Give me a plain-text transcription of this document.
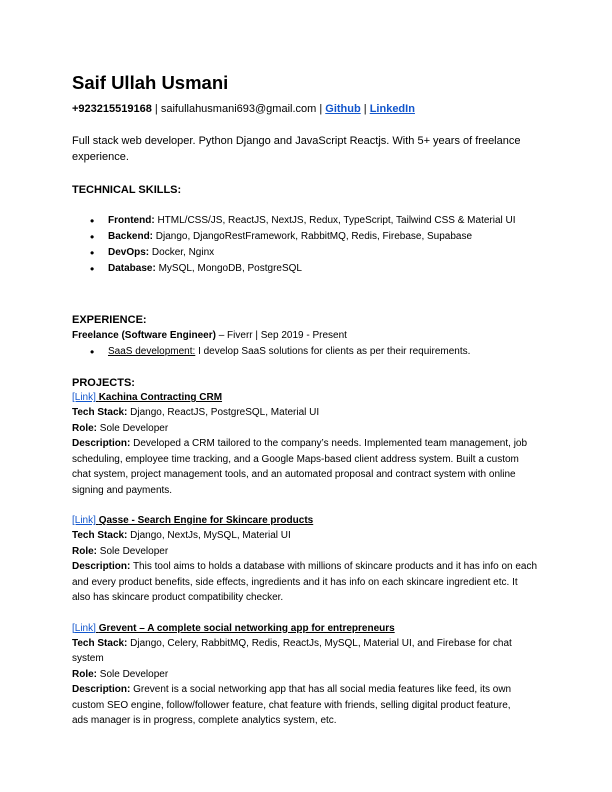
Saif Ullah Usmani
+923215519168 | saifullahusmani693@gmail.com | Github | LinkedIn
Full stack web developer. Python Django and JavaScript Reactjs. With 5+ years of freelance experience.
TECHNICAL SKILLS:
• Frontend: HTML/CSS/JS, ReactJS, NextJS, Redux, TypeScript, Tailwind CSS & Material UI
• Backend: Django, DjangoRestFramework, RabbitMQ, Redis, Firebase, Supabase
• DevOps: Docker, Nginx
• Database: MySQL, MongoDB, PostgreSQL
EXPERIENCE:
Freelance (Software Engineer) – Fiverr | Sep 2019 - Present
• SaaS development: I develop SaaS solutions for clients as per their requirements.
PROJECTS:
[Link] Kachina Contracting CRM
Tech Stack: Django, ReactJS, PostgreSQL, Material UI
Role: Sole Developer
Description: Developed a CRM tailored to the company’s needs. Implemented team management, job
scheduling, employee time tracking, and a Google Maps-based client address system. Built a custom
chat system, project management tools, and an automated proposal and contract system with online
signing and payments.
[Link] Qasse - Search Engine for Skincare products
Tech Stack: Django, NextJs, MySQL, Material UI
Role: Sole Developer
Description: This tool aims to holds a database with millions of skincare products and it has info on each
and every product benefits, side effects, ingredients and it has info on each skincare ingredient etc. It
also has skincare product compatibility checker.
[Link] Grevent – A complete social networking app for entrepreneurs
Tech Stack: Django, Celery, RabbitMQ, Redis, ReactJs, MySQL, Material UI, and Firebase for chat system
Role: Sole Developer
Description: Grevent is a social networking app that has all social media features like feed, its own
custom SEO engine, follow/follower feature, chat feature with friends, selling digital product feature,
ads manager is in progress, complete analytics system, etc.
